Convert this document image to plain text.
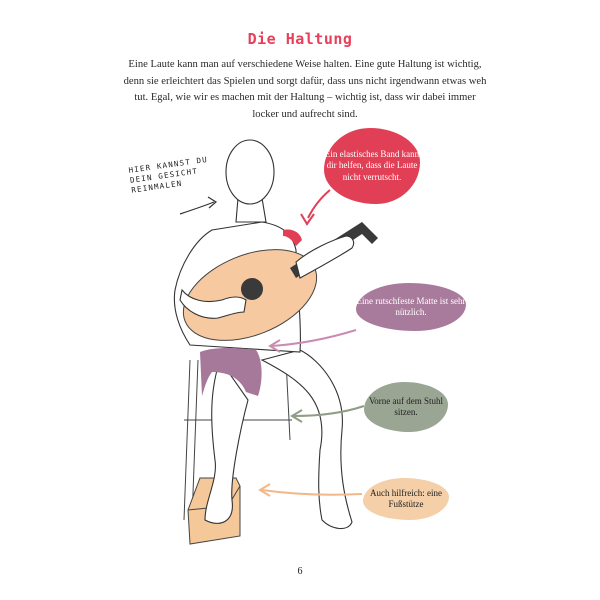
Die Haltung
Eine Laute kann man auf verschiedene Weise halten. Eine gute Haltung ist wichtig, denn sie erleichtert das Spielen und sorgt dafür, dass uns nicht irgendwann etwas weh tut. Egal, wie wir es machen mit der Haltung – wichtig ist, dass wir dabei immer locker und aufrecht sind.
HIER KANNST DU DEIN GESICHT REINMALEN
Ein elastisches Band kann dir helfen, dass die Laute nicht verrutscht.
Eine rutschfeste Matte ist sehr nützlich.
Vorne auf dem Stuhl sitzen.
Auch hilfreich: eine Fußstütze
6
